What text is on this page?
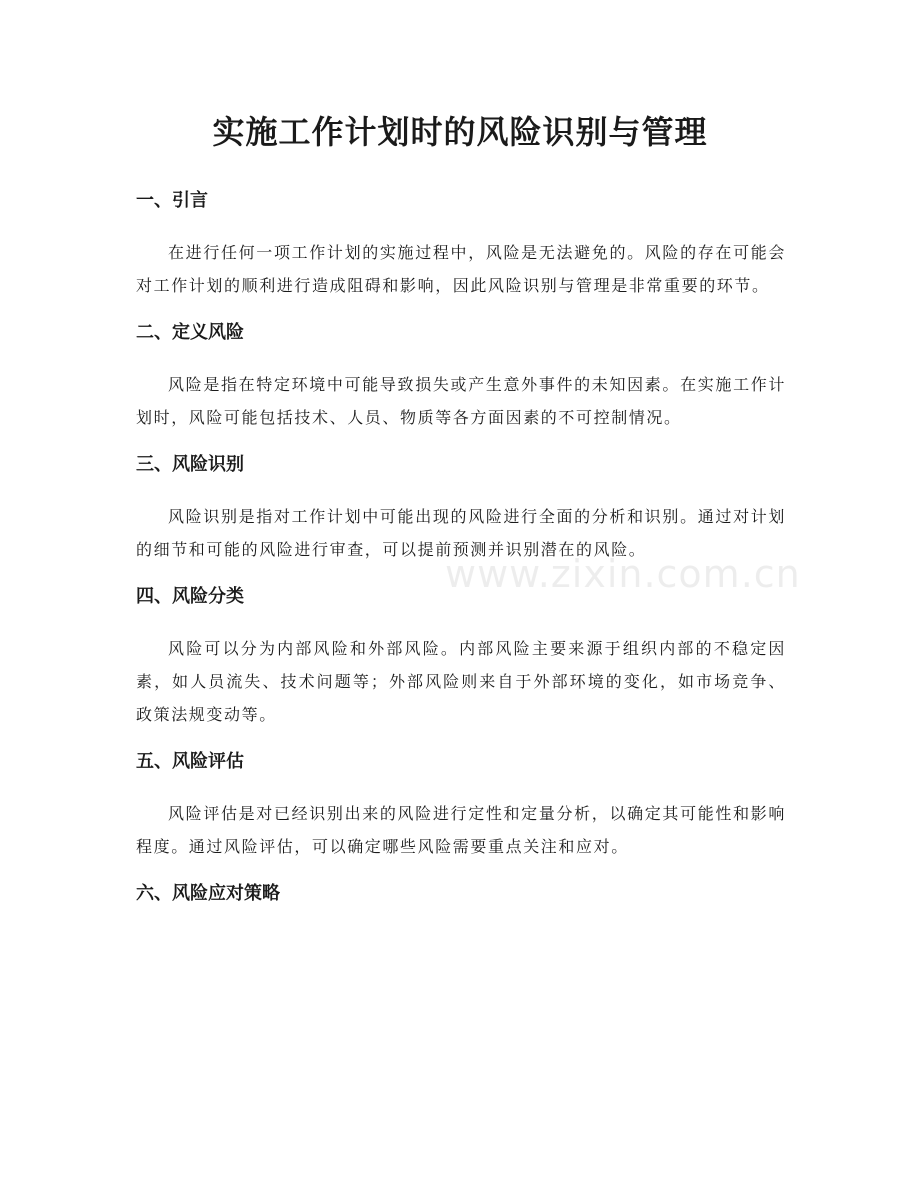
实施工作计划时的风险识别与管理
www.zixin.com.cn
一、引言

在进行任何一项工作计划的实施过程中，风险是无法避免的。风险的存在可能会对工作计划的顺利进行造成阻碍和影响，因此风险识别与管理是非常重要的环节。

二、定义风险

风险是指在特定环境中可能导致损失或产生意外事件的未知因素。在实施工作计划时，风险可能包括技术、人员、物质等各方面因素的不可控制情况。

三、风险识别

风险识别是指对工作计划中可能出现的风险进行全面的分析和识别。通过对计划的细节和可能的风险进行审查，可以提前预测并识别潜在的风险。

四、风险分类

风险可以分为内部风险和外部风险。内部风险主要来源于组织内部的不稳定因素，如人员流失、技术问题等；外部风险则来自于外部环境的变化，如市场竞争、政策法规变动等。

五、风险评估

风险评估是对已经识别出来的风险进行定性和定量分析，以确定其可能性和影响程度。通过风险评估，可以确定哪些风险需要重点关注和应对。

六、风险应对策略
